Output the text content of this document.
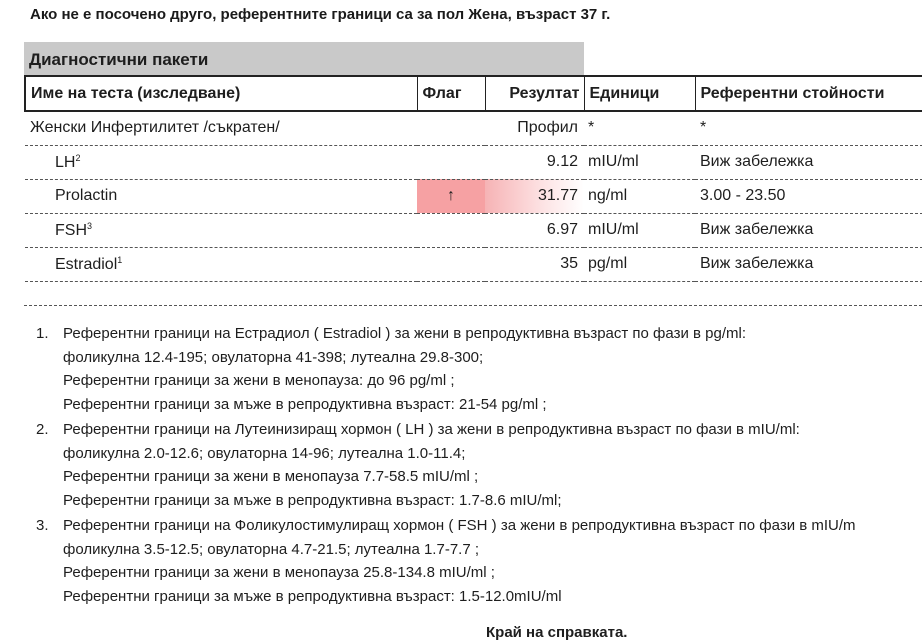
Ако не е посочено друго, референтните граници са за пол Жена, възраст 37 г.
Диагностични пакети
Име на теста (изследване)	Флаг	Резултат	Единици	Референтни стойности
Женски Инфертилитет /съкратен/		Профил	*	*
$LH^2$		9.12	mIU/ml	Виж забележка
Prolactin	↑	31.77	ng/ml	3.00 - 23.50
FSH$^3$		6.97	mIU/ml	Виж забележка
Estradiol$^1$		35	pg/ml	Виж забележка
1. Референтни граници на Естрадиол ( Estradiol ) за жени в репродуктивна възраст по фази в pg/ml:
фоликулна 12.4-195; овулаторна 41-398; лутеална 29.8-300;
Референтни граници за жени в менопауза: до 96 pg/ml ;
Референтни граници за мъже в репродуктивна възраст: 21-54 pg/ml ;
2. Референтни граници на Лутеинизиращ хормон ( LH ) за жени в репродуктивна възраст по фази в mIU/ml:
фоликулна 2.0-12.6; овулаторна 14-96; лутеална 1.0-11.4;
Референтни граници за жени в менопауза 7.7-58.5 mIU/ml ;
Референтни граници за мъже в репродуктивна възраст: 1.7-8.6 mIU/ml;
3. Референтни граници на Фоликулостимулиращ хормон ( FSH ) за жени в репродуктивна възраст по фази в mIU/m
фоликулна 3.5-12.5; овулаторна 4.7-21.5; лутеална 1.7-7.7 ;
Референтни граници за жени в менопауза 25.8-134.8 mIU/ml ;
Референтни граници за мъже в репродуктивна възраст: 1.5-12.0mIU/ml
Край на справката.
